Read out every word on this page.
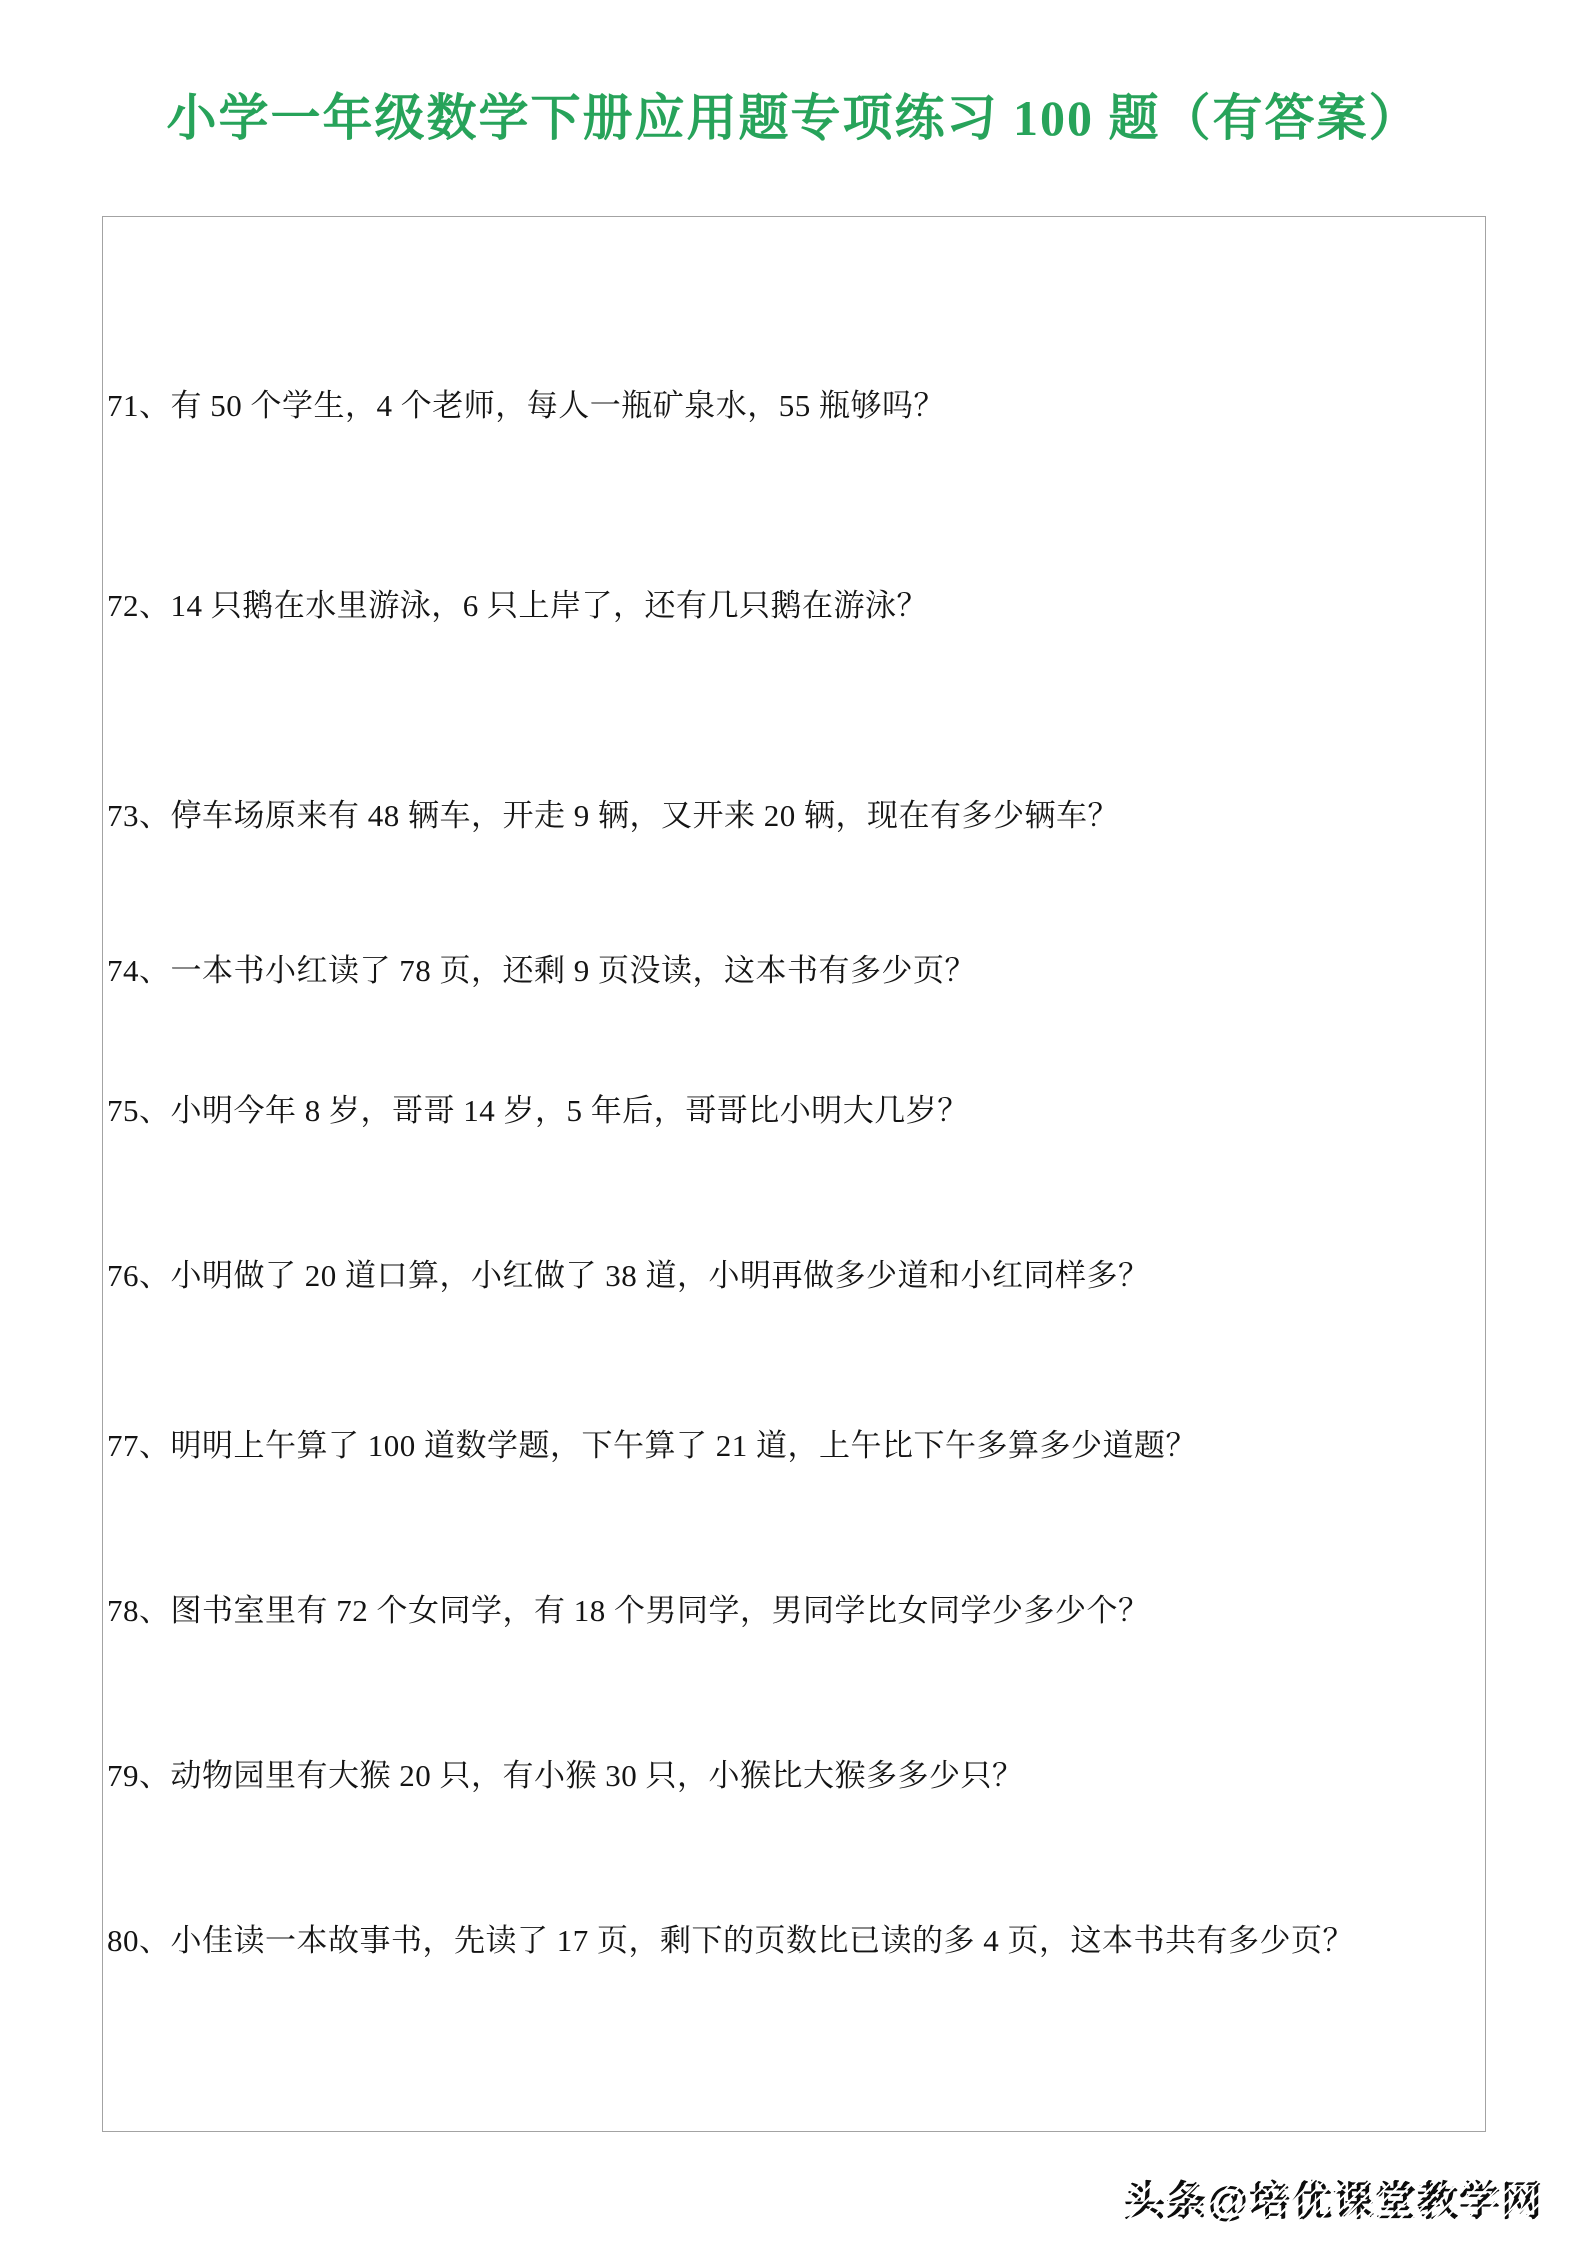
小学一年级数学下册应用题专项练习 100 题（有答案）
71、有 50 个学生，4 个老师，每人一瓶矿泉水，55 瓶够吗？
72、14 只鹅在水里游泳，6 只上岸了，还有几只鹅在游泳？
73、停车场原来有 48 辆车，开走 9 辆，又开来 20 辆，现在有多少辆车？
74、一本书小红读了 78 页，还剩 9 页没读，这本书有多少页？
75、小明今年 8 岁，哥哥 14 岁，5 年后，哥哥比小明大几岁？
76、小明做了 20 道口算，小红做了 38 道，小明再做多少道和小红同样多？
77、明明上午算了 100 道数学题，下午算了 21 道，上午比下午多算多少道题？
78、图书室里有 72 个女同学，有 18 个男同学，男同学比女同学少多少个？
79、动物园里有大猴 20 只，有小猴 30 只，小猴比大猴多多少只？
80、小佳读一本故事书，先读了 17 页，剩下的页数比已读的多 4 页，这本书共有多少页？
头条@培优课堂教学网
